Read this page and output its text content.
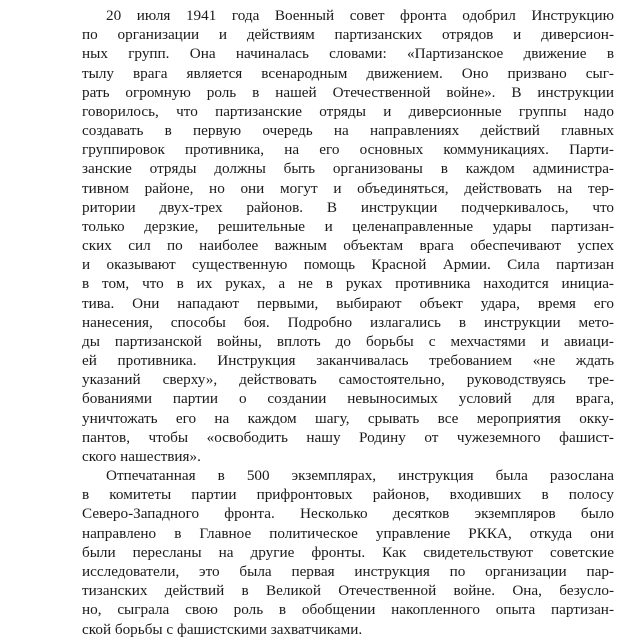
20 июля 1941 года Военный совет фронта одобрил Инструкцию
по организации и действиям партизанских отрядов и диверсион-
ных групп. Она начиналась словами: «Партизанское движение в
тылу врага является всенародным движением. Оно призвано сыг-
рать огромную роль в нашей Отечественной войне». В инструкции
говорилось, что партизанские отряды и диверсионные группы надо
создавать в первую очередь на направлениях действий главных
группировок противника, на его основных коммуникациях. Парти-
занские отряды должны быть организованы в каждом администра-
тивном районе, но они могут и объединяться, действовать на тер-
ритории двух-трех районов. В инструкции подчеркивалось, что
только дерзкие, решительные и целенаправленные удары партизан-
ских сил по наиболее важным объектам врага обеспечивают успех
и оказывают существенную помощь Красной Армии. Сила партизан
в том, что в их руках, а не в руках противника находится инициа-
тива. Они нападают первыми, выбирают объект удара, время его
нанесения, способы боя. Подробно излагались в инструкции мето-
ды партизанской войны, вплоть до борьбы с мехчастями и авиаци-
ей противника. Инструкция заканчивалась требованием «не ждать
указаний сверху», действовать самостоятельно, руководствуясь тре-
бованиями партии о создании невыносимых условий для врага,
уничтожать его на каждом шагу, срывать все мероприятия окку-
пантов, чтобы «освободить нашу Родину от чужеземного фашист-
ского нашествия».
Отпечатанная в 500 экземплярах, инструкция была разослана
в комитеты партии прифронтовых районов, входивших в полосу
Северо-Западного фронта. Несколько десятков экземпляров было
направлено в Главное политическое управление РККА, откуда они
были пересланы на другие фронты. Как свидетельствуют советские
исследователи, это была первая инструкция по организации пар-
тизанских действий в Великой Отечественной войне. Она, безусло-
но, сыграла свою роль в обобщении накопленного опыта партизан-
ской борьбы с фашистскими захватчиками.
